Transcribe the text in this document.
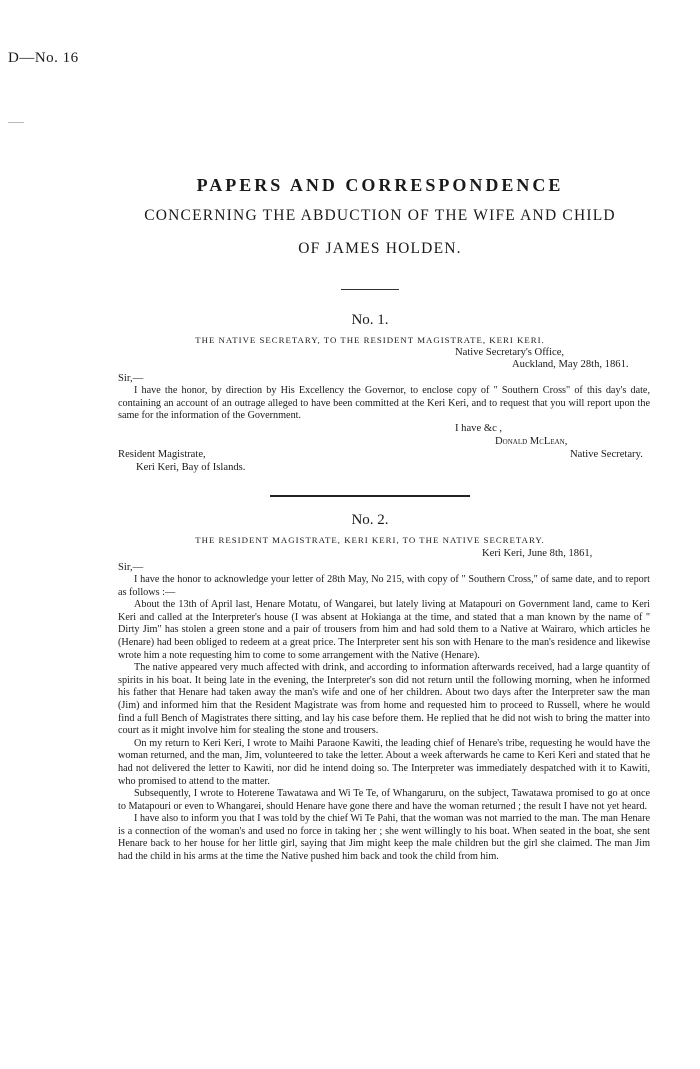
D—No. 16
PAPERS AND CORRESPONDENCE
CONCERNING THE ABDUCTION OF THE WIFE AND CHILD
OF JAMES HOLDEN.
No. 1.
THE NATIVE SECRETARY, TO THE RESIDENT MAGISTRATE, KERI KERI.
Native Secretary's Office,
Auckland, May 28th, 1861.
Sir,—

I have the honor, by direction by His Excellency the Governor, to enclose copy of " Southern Cross" of this day's date, containing an account of an outrage alleged to have been committed at the Keri Keri, and to request that you will report upon the same for the information of the Government.

I have &c ,
Donald McLean,
Resident Magistrate,	Native Secretary.
Keri Keri, Bay of Islands.
No. 2.
THE RESIDENT MAGISTRATE, KERI KERI, TO THE NATIVE SECRETARY.
Keri Keri, June 8th, 1861,
Sir,—

I have the honor to acknowledge your letter of 28th May, No 215, with copy of " Southern Cross," of same date, and to report as follows :—

About the 13th of April last, Henare Motatu, of Wangarei, but lately living at Matapouri on Government land, came to Keri Keri and called at the Interpreter's house (I was absent at Hokianga at the time, and stated that a man known by the name of " Dirty Jim" has stolen a green stone and a pair of trousers from him and had sold them to a Native at Wairaro, which articles he (Henare) had been obliged to redeem at a great price. The Interpreter sent his son with Henare to the man's residence and likewise wrote him a note requesting him to come to some arrangement with the Native (Henare).

The native appeared very much affected with drink, and according to information afterwards received, had a large quantity of spirits in his boat. It being late in the evening, the Interpreter's son did not return until the following morning, when he informed his father that Henare had taken away the man's wife and one of her children. About two days after the Interpreter saw the man (Jim) and informed him that the Resident Magistrate was from home and requested him to proceed to Russell, where he would find a full Bench of Magistrates there sitting, and lay his case before them. He replied that he did not wish to bring the matter into court as it might involve him for stealing the stone and trousers.

On my return to Keri Keri, I wrote to Maihi Paraone Kawiti, the leading chief of Henare's tribe, requesting he would have the woman returned, and the man, Jim, volunteered to take the letter. About a week afterwards he came to Keri Keri and stated that he had not delivered the letter to Kawiti, nor did he intend doing so. The Interpreter was immediately despatched with it to Kawiti, who promised to attend to the matter.

Subsequently, I wrote to Hoterene Tawatawa and Wi Te Te, of Whangaruru, on the subject, Tawatawa promised to go at once to Matapouri or even to Whangarei, should Henare have gone there and have the woman returned ; the result I have not yet heard.

I have also to inform you that I was told by the chief Wi Te Pahi, that the woman was not married to the man. The man Henare is a connection of the woman's and used no force in taking her ; she went willingly to his boat. When seated in the boat, she sent Henare back to her house for her little girl, saying that Jim might keep the male children but the girl she claimed. The man Jim had the child in his arms at the time the Native pushed him back and took the child from him.
